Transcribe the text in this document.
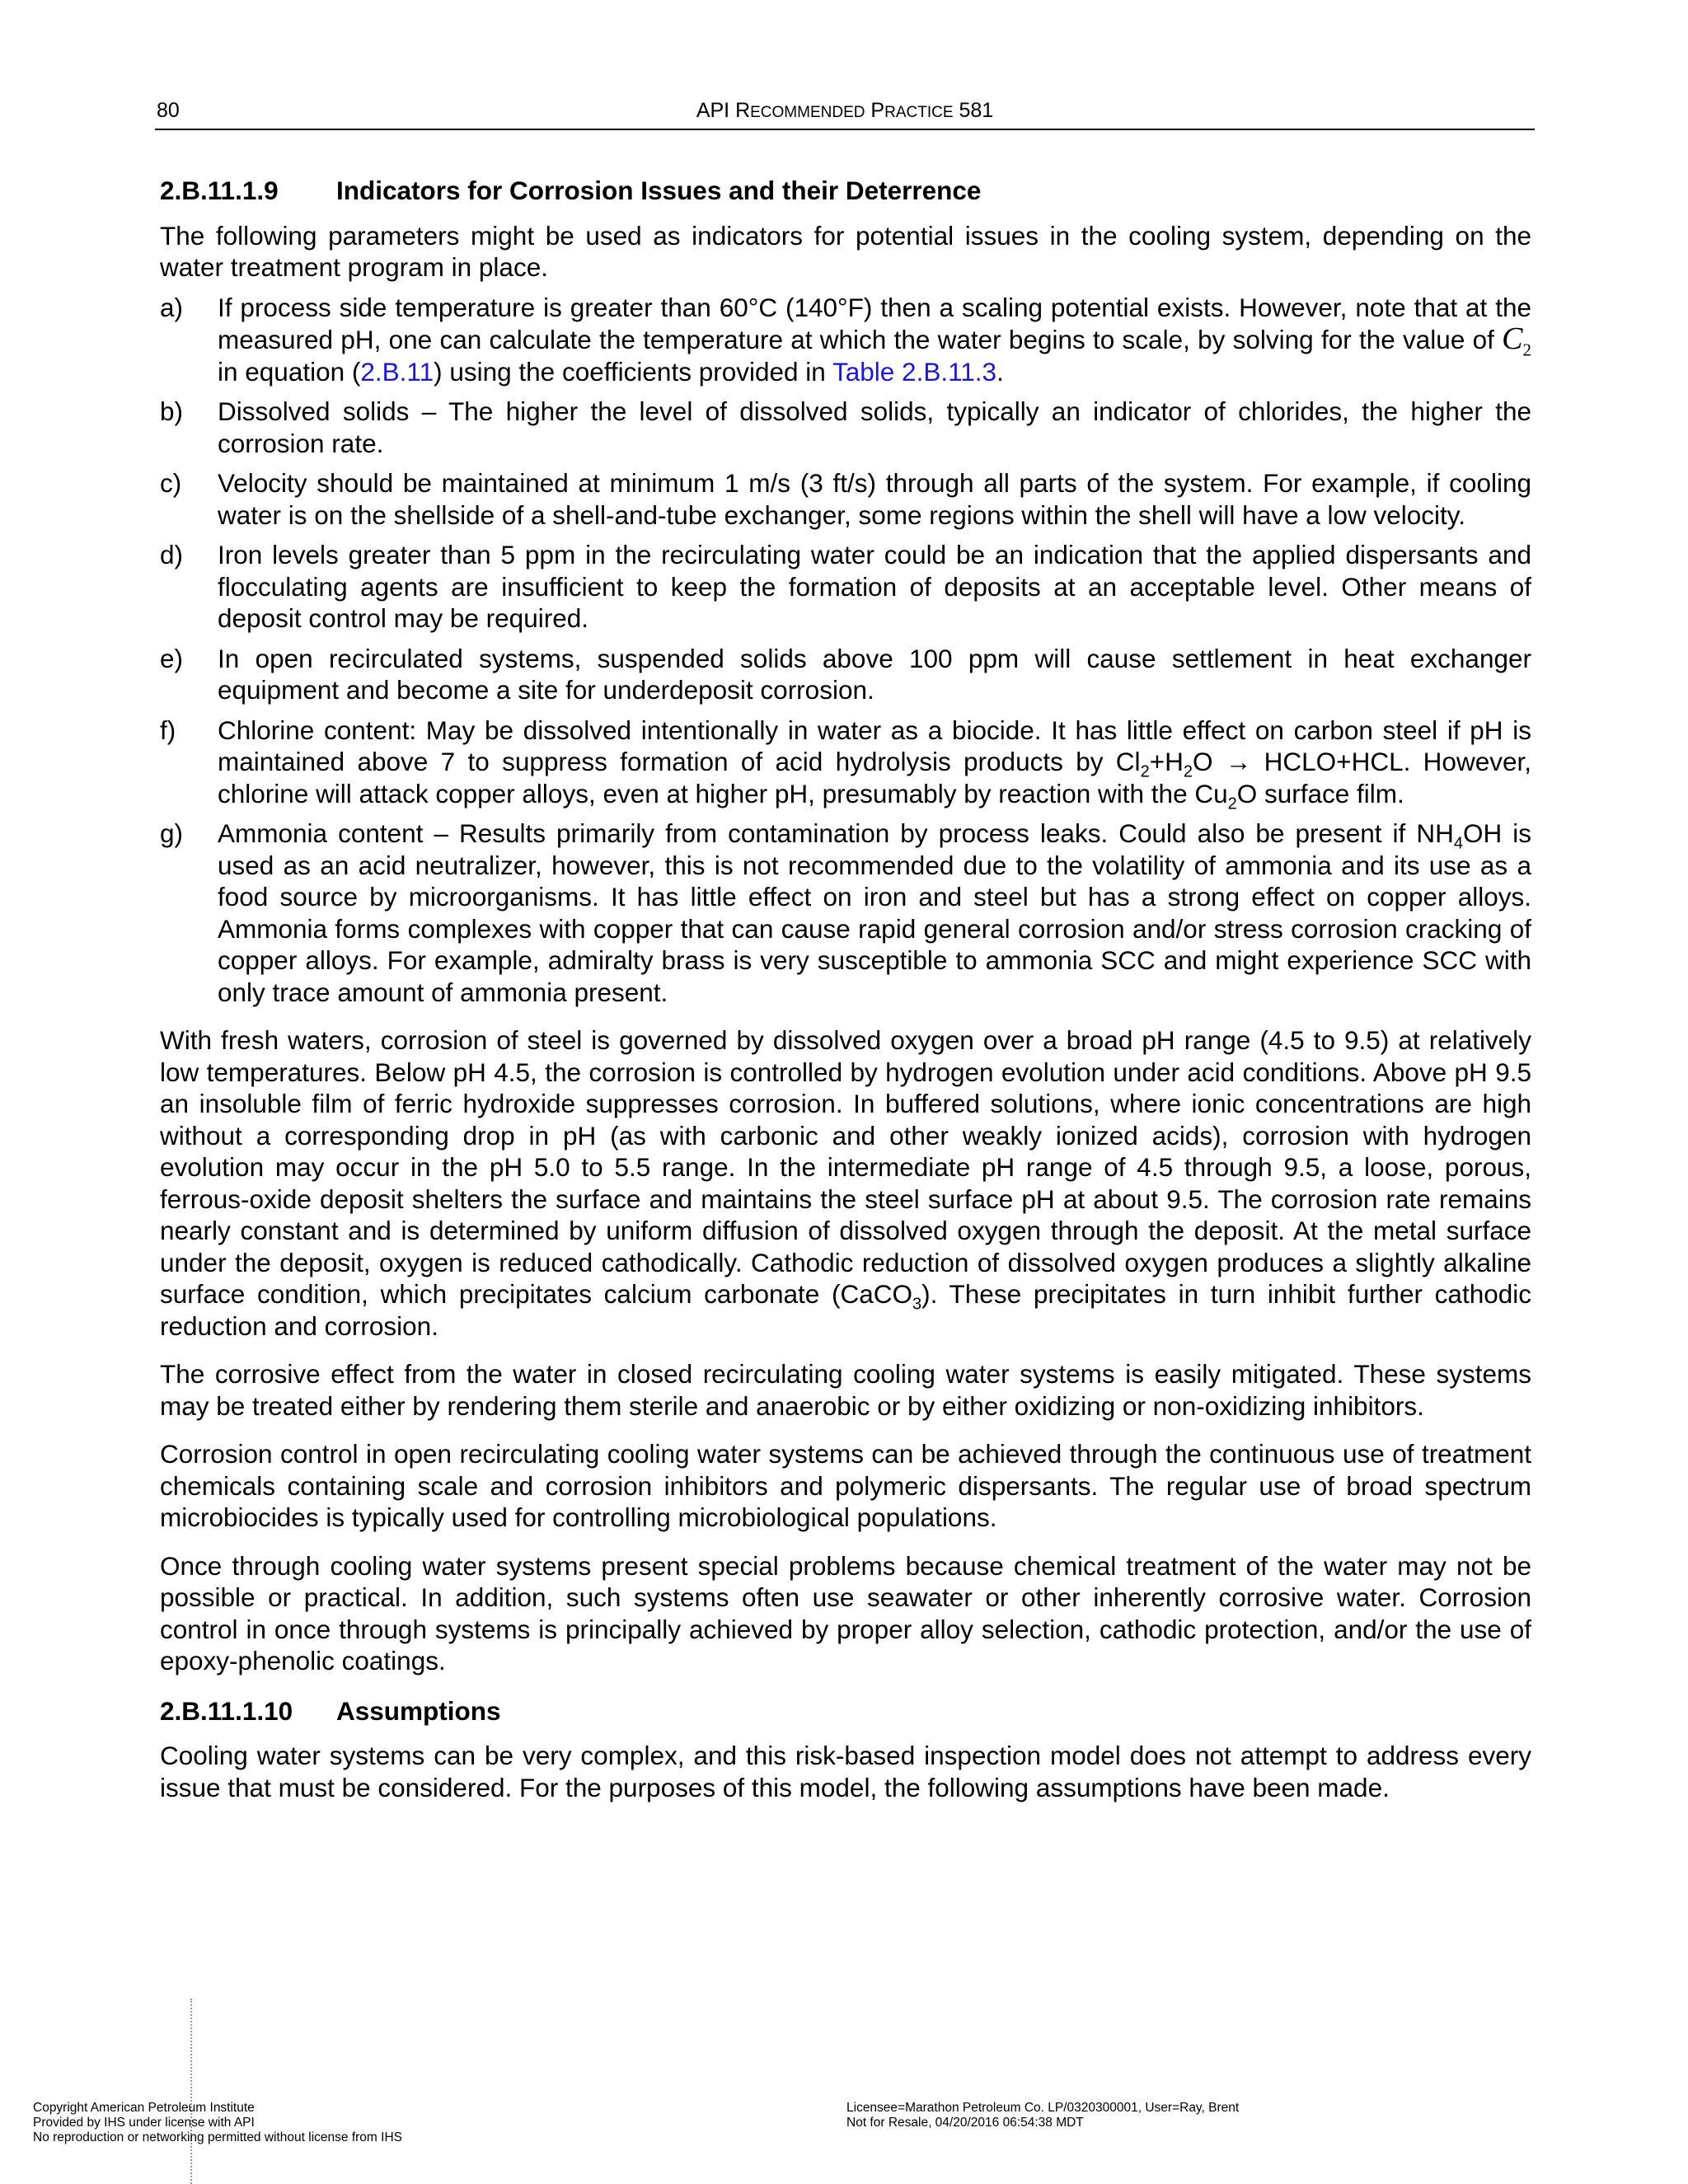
80	API RECOMMENDED PRACTICE 581
2.B.11.1.9	Indicators for Corrosion Issues and their Deterrence

The following parameters might be used as indicators for potential issues in the cooling system, depending on the water treatment program in place.

a)	If process side temperature is greater than 60°C (140°F) then a scaling potential exists. However, note that at the measured pH, one can calculate the temperature at which the water begins to scale, by solving for the value of $C_2$ in equation (2.B.11) using the coefficients provided in Table 2.B.11.3.
b)	Dissolved solids – The higher the level of dissolved solids, typically an indicator of chlorides, the higher the corrosion rate.
c)	Velocity should be maintained at minimum 1 m/s (3 ft/s) through all parts of the system. For example, if cooling water is on the shellside of a shell-and-tube exchanger, some regions within the shell will have a low velocity.
d)	Iron levels greater than 5 ppm in the recirculating water could be an indication that the applied dispersants and flocculating agents are insufficient to keep the formation of deposits at an acceptable level. Other means of deposit control may be required.
e)	In open recirculated systems, suspended solids above 100 ppm will cause settlement in heat exchanger equipment and become a site for underdeposit corrosion.
f)	Chlorine content: May be dissolved intentionally in water as a biocide. It has little effect on carbon steel if pH is maintained above 7 to suppress formation of acid hydrolysis products by $Cl_2+H_2O$ → HCLO+HCL. However, chlorine will attack copper alloys, even at higher pH, presumably by reaction with the $Cu_2O$ surface film.
g)	Ammonia content – Results primarily from contamination by process leaks. Could also be present if $NH_4OH$ is used as an acid neutralizer, however, this is not recommended due to the volatility of ammonia and its use as a food source by microorganisms. It has little effect on iron and steel but has a strong effect on copper alloys. Ammonia forms complexes with copper that can cause rapid general corrosion and/or stress corrosion cracking of copper alloys. For example, admiralty brass is very susceptible to ammonia SCC and might experience SCC with only trace amount of ammonia present.

With fresh waters, corrosion of steel is governed by dissolved oxygen over a broad pH range (4.5 to 9.5) at relatively low temperatures. Below pH 4.5, the corrosion is controlled by hydrogen evolution under acid conditions. Above pH 9.5 an insoluble film of ferric hydroxide suppresses corrosion. In buffered solutions, where ionic concentrations are high without a corresponding drop in pH (as with carbonic and other weakly ionized acids), corrosion with hydrogen evolution may occur in the pH 5.0 to 5.5 range. In the intermediate pH range of 4.5 through 9.5, a loose, porous, ferrous-oxide deposit shelters the surface and maintains the steel surface pH at about 9.5. The corrosion rate remains nearly constant and is determined by uniform diffusion of dissolved oxygen through the deposit. At the metal surface under the deposit, oxygen is reduced cathodically. Cathodic reduction of dissolved oxygen produces a slightly alkaline surface condition, which precipitates calcium carbonate (CaCO$_3$). These precipitates in turn inhibit further cathodic reduction and corrosion.

The corrosive effect from the water in closed recirculating cooling water systems is easily mitigated. These systems may be treated either by rendering them sterile and anaerobic or by either oxidizing or non-oxidizing inhibitors.

Corrosion control in open recirculating cooling water systems can be achieved through the continuous use of treatment chemicals containing scale and corrosion inhibitors and polymeric dispersants. The regular use of broad spectrum microbiocides is typically used for controlling microbiological populations.

Once through cooling water systems present special problems because chemical treatment of the water may not be possible or practical. In addition, such systems often use seawater or other inherently corrosive water. Corrosion control in once through systems is principally achieved by proper alloy selection, cathodic protection, and/or the use of epoxy-phenolic coatings.

2.B.11.1.10	Assumptions

Cooling water systems can be very complex, and this risk-based inspection model does not attempt to address every issue that must be considered. For the purposes of this model, the following assumptions have been made.

Copyright American Petroleum Institute
Provided by IHS under license with API
No reproduction or networking permitted without license from IHS
Licensee=Marathon Petroleum Co. LP/0320300001, User=Ray, Brent
Not for Resale, 04/20/2016 06:54:38 MDT
